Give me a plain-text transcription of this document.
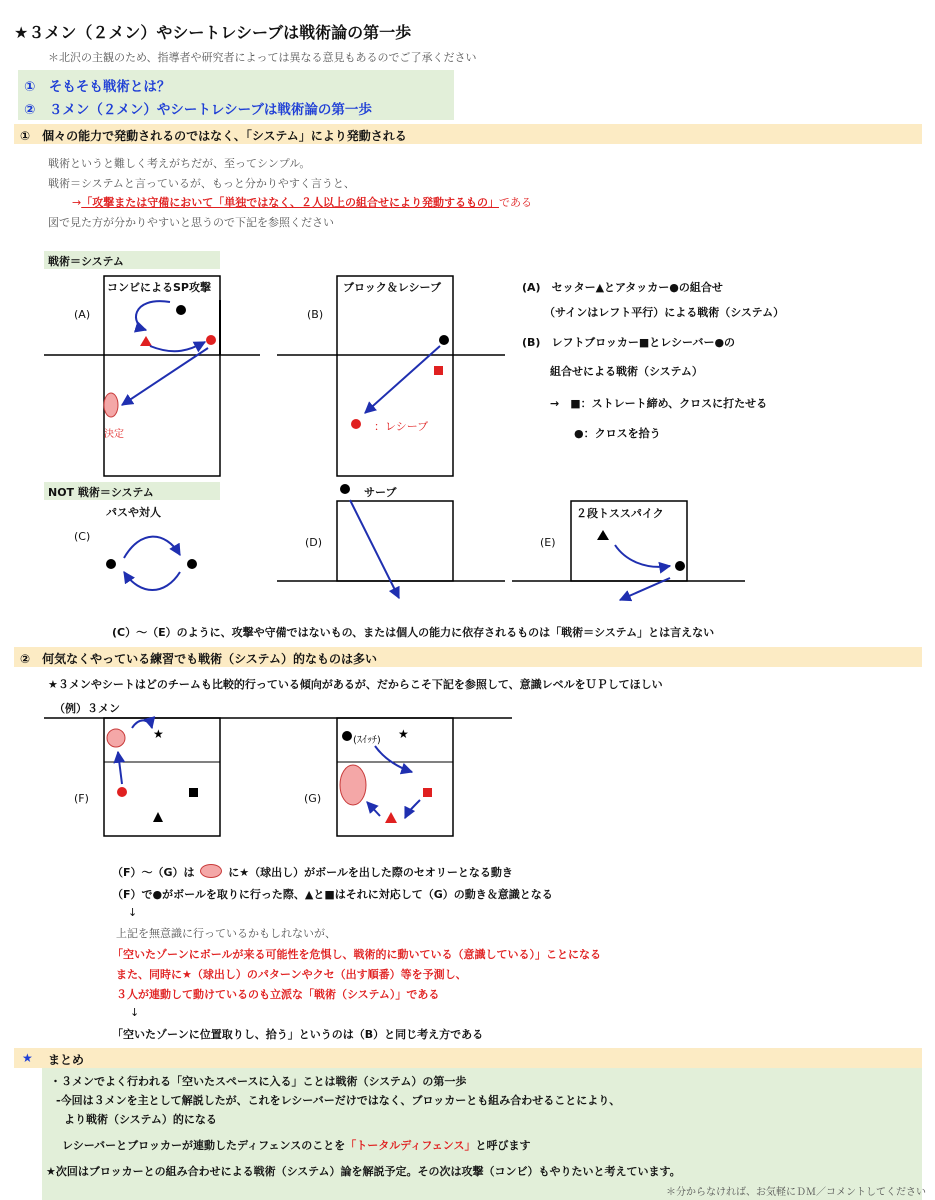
★３メン（２メン）やシートレシーブは戦術論の第一歩
＊北沢の主観のため、指導者や研究者によっては異なる意見もあるのでご了承ください
①　そもそも戦術とは？
②　３メン（２メン）やシートレシーブは戦術論の第一歩
①　個々の能力で発動されるのではなく、「システム」により発動される
戦術というと難しく考えがちだが、至ってシンプル。
戦術＝システムと言っているが、もっと分かりやすく言うと、
→「攻撃または守備において「単独ではなく、２人以上の組合せにより発動するもの」である
図で見た方が分かりやすいと思うので下記を参照ください
戦術＝システム
コンビによるSP攻撃
(A)
決定
ブロック＆レシーブ
(B)
：レシーブ
(A)　セッター▲とアタッカー●の組合せ
（サインはレフト平行）による戦術（システム）
(B)　レフトブロッカー■とレシーバー●の
組合せによる戦術（システム）
→　■：ストレート締め、クロスに打たせる
●：クロスを拾う
NOT 戦術＝システム
パスや対人
(C)
サーブ
(D)	(E)
２段トススパイク
(C）～（E）のように、攻撃や守備ではないもの、または個人の能力に依存されるものは「戦術＝システム」とは言えない
②　何気なくやっている練習でも戦術（システム）的なものは多い
★３メンやシートはどのチームも比較的行っている傾向があるが、だからこそ下記を参照して、意識レベルをＵＰしてほしい
（例）３メン
(F)	(G)
(ｽｲｯﾁ)
（F）～（G）は	に★（球出し）がボールを出した際のセオリーとなる動き
（F）で●がボールを取りに行った際、▲と■はそれに対応して（G）の動き＆意識となる
↓
上記を無意識に行っているかもしれないが、
「空いたゾーンにボールが来る可能性を危惧し、戦術的に動いている（意識している）」ことになる
また、同時に★（球出し）のパターンやクセ（出す順番）等を予測し、
３人が連動して動けているのも立派な「戦術（システム）」である
↓
「空いたゾーンに位置取りし、拾う」というのは（B）と同じ考え方である
★ まとめ
・３メンでよく行われる「空いたスペースに入る」ことは戦術（システム）の第一歩
-今回は３メンを主として解説したが、これをレシーバーだけではなく、ブロッカーとも組み合わせることにより、
より戦術（システム）的になる
レシーバーとブロッカーが連動したディフェンスのことを「トータルディフェンス」と呼びます
★次回はブロッカーとの組み合わせによる戦術（システム）論を解説予定。その次は攻撃（コンビ）もやりたいと考えています。
＊分からなければ、お気軽にＤＭ／コメントしてください
★	★
